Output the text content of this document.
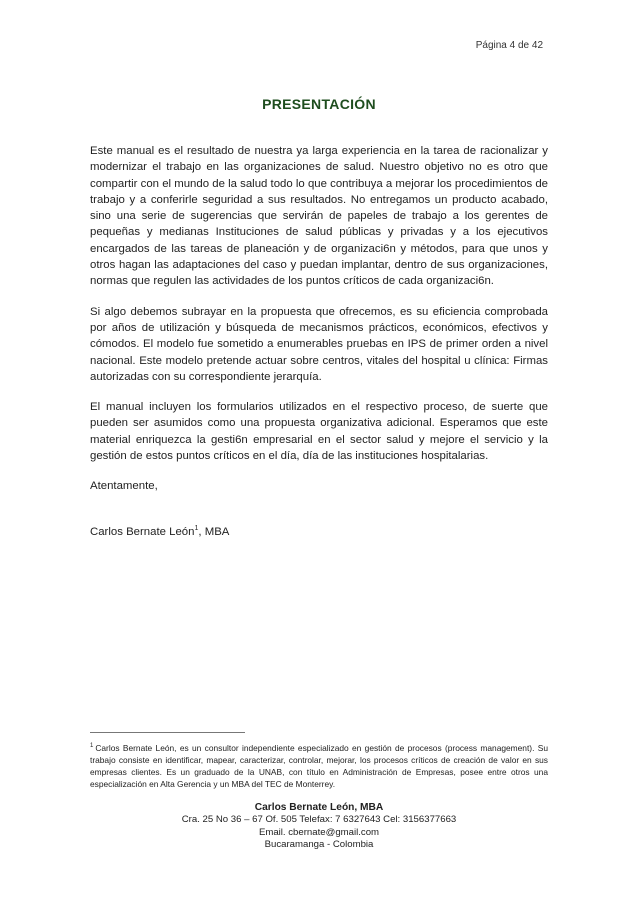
Página 4 de 42
PRESENTACIÓN

Este manual es el resultado de nuestra ya larga experiencia en la tarea de racionalizar y modernizar el trabajo en las organizaciones de salud. Nuestro objetivo no es otro que compartir con el mundo de la salud todo lo que contribuya a mejorar los procedimientos de trabajo y a conferirle seguridad a sus resultados. No entregamos un producto acabado, sino una serie de sugerencias que servirán de papeles de trabajo a los gerentes de pequeñas y medianas Instituciones de salud públicas y privadas y a los ejecutivos encargados de las tareas de planeación y de organizaci6n y métodos, para que unos y otros hagan las adaptaciones del caso y puedan implantar, dentro de sus organizaciones, normas que regulen las actividades de los puntos críticos de cada organizaci6n.

Si algo debemos subrayar en la propuesta que ofrecemos, es su eficiencia comprobada por años de utilización y búsqueda de mecanismos prácticos, económicos, efectivos y cómodos. El modelo fue sometido a enumerables pruebas en IPS de primer orden a nivel nacional. Este modelo pretende actuar sobre centros, vitales del hospital u clínica: Firmas autorizadas con su correspondiente jerarquía.

El manual incluyen los formularios utilizados en el respectivo proceso, de suerte que pueden ser asumidos como una propuesta organizativa adicional. Esperamos que este material enriquezca la gesti6n empresarial en el sector salud y mejore el servicio y la gestión de estos puntos críticos en el día, día de las instituciones hospitalarias.

Atentamente,

Carlos Bernate León$^1$, MBA

$^1$ Carlos Bernate León, es un consultor independiente especializado en gestión de procesos (process management). Su trabajo consiste en identificar, mapear, caracterizar, controlar, mejorar, los procesos críticos de creación de valor en sus empresas clientes. Es un graduado de la UNAB, con título en Administración de Empresas, posee entre otros una especialización en Alta Gerencia y un MBA del TEC de Monterrey.
Carlos Bernate León, MBA
Cra. 25 No 36 – 67 Of. 505 Telefax: 7 6327643 Cel: 3156377663
Email. cbernate@gmail.com
Bucaramanga - Colombia
